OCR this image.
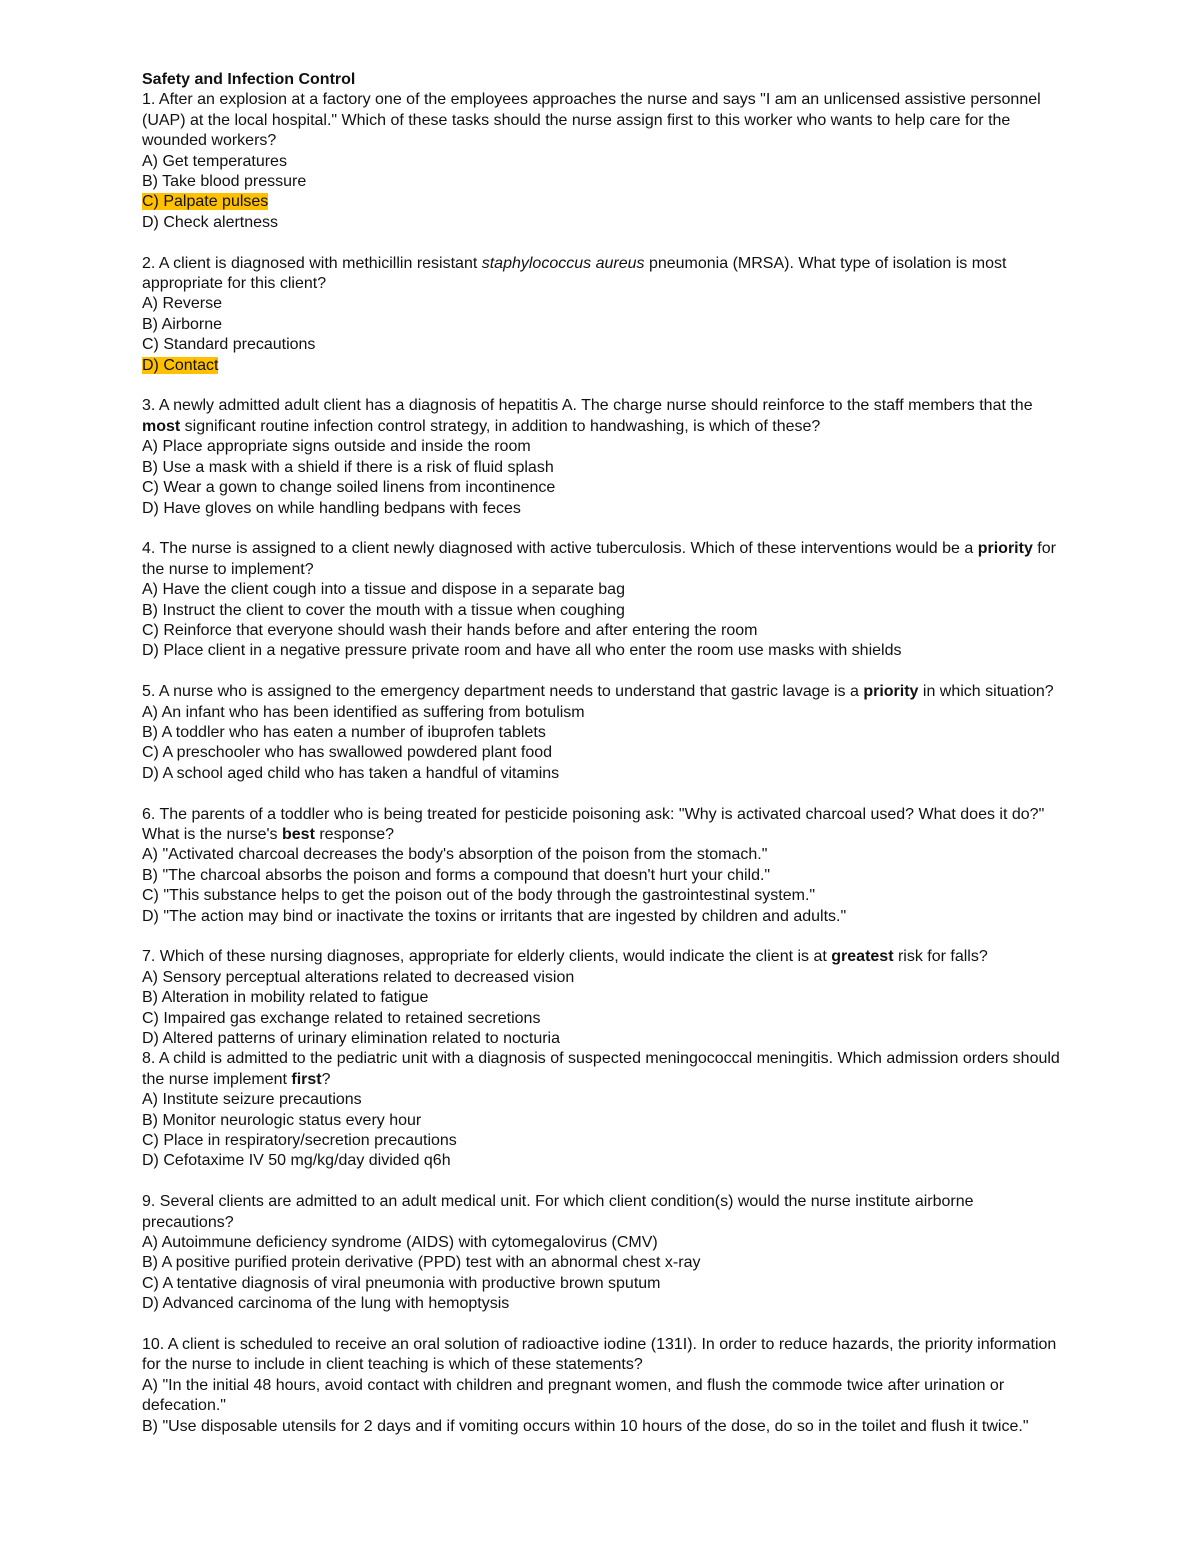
Safety and Infection Control
1. After an explosion at a factory one of the employees approaches the nurse and says "I am an unlicensed assistive personnel (UAP) at the local hospital." Which of these tasks should the nurse assign first to this worker who wants to help care for the wounded workers?
A) Get temperatures
B) Take blood pressure
C) Palpate pulses
D) Check alertness
2. A client is diagnosed with methicillin resistant staphylococcus aureus pneumonia (MRSA). What type of isolation is most appropriate for this client?
A) Reverse
B) Airborne
C) Standard precautions
D) Contact
3. A newly admitted adult client has a diagnosis of hepatitis A. The charge nurse should reinforce to the staff members that the most significant routine infection control strategy, in addition to handwashing, is which of these?
A) Place appropriate signs outside and inside the room
B) Use a mask with a shield if there is a risk of fluid splash
C) Wear a gown to change soiled linens from incontinence
D) Have gloves on while handling bedpans with feces
4. The nurse is assigned to a client newly diagnosed with active tuberculosis. Which of these interventions would be a priority for the nurse to implement?
A) Have the client cough into a tissue and dispose in a separate bag
B) Instruct the client to cover the mouth with a tissue when coughing
C) Reinforce that everyone should wash their hands before and after entering the room
D) Place client in a negative pressure private room and have all who enter the room use masks with shields
5. A nurse who is assigned to the emergency department needs to understand that gastric lavage is a priority in which situation?
A) An infant who has been identified as suffering from botulism
B) A toddler who has eaten a number of ibuprofen tablets
C) A preschooler who has swallowed powdered plant food
D) A school aged child who has taken a handful of vitamins
6. The parents of a toddler who is being treated for pesticide poisoning ask: "Why is activated charcoal used? What does it do?" What is the nurse's best response?
A) "Activated charcoal decreases the body's absorption of the poison from the stomach."
B) "The charcoal absorbs the poison and forms a compound that doesn't hurt your child."
C) "This substance helps to get the poison out of the body through the gastrointestinal system."
D) "The action may bind or inactivate the toxins or irritants that are ingested by children and adults."
7. Which of these nursing diagnoses, appropriate for elderly clients, would indicate the client is at greatest risk for falls?
A) Sensory perceptual alterations related to decreased vision
B) Alteration in mobility related to fatigue
C) Impaired gas exchange related to retained secretions
D) Altered patterns of urinary elimination related to nocturia
8. A child is admitted to the pediatric unit with a diagnosis of suspected meningococcal meningitis. Which admission orders should the nurse implement first?
A) Institute seizure precautions
B) Monitor neurologic status every hour
C) Place in respiratory/secretion precautions
D) Cefotaxime IV 50 mg/kg/day divided q6h
9. Several clients are admitted to an adult medical unit. For which client condition(s) would the nurse institute airborne precautions?
A) Autoimmune deficiency syndrome (AIDS) with cytomegalovirus (CMV)
B) A positive purified protein derivative (PPD) test with an abnormal chest x-ray
C) A tentative diagnosis of viral pneumonia with productive brown sputum
D) Advanced carcinoma of the lung with hemoptysis
10. A client is scheduled to receive an oral solution of radioactive iodine (131I). In order to reduce hazards, the priority information for the nurse to include in client teaching is which of these statements?
A) "In the initial 48 hours, avoid contact with children and pregnant women, and flush the commode twice after urination or defecation."
B) "Use disposable utensils for 2 days and if vomiting occurs within 10 hours of the dose, do so in the toilet and flush it twice."
